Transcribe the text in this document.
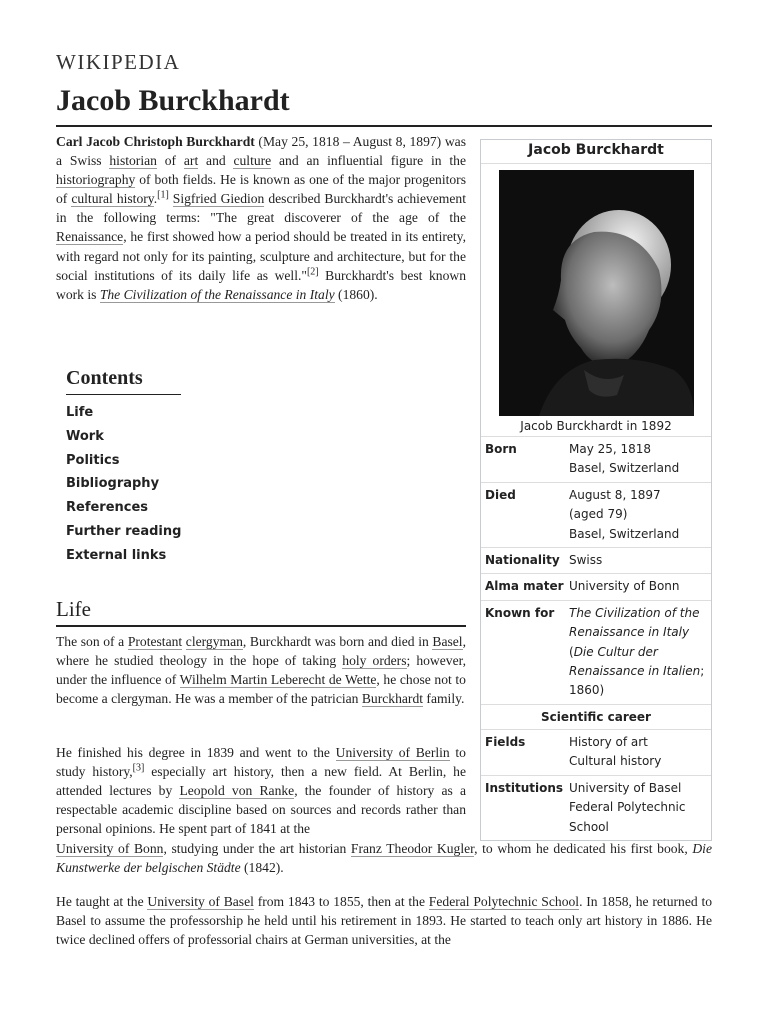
WIKIPEDIA
Jacob Burckhardt

Carl Jacob Christoph Burckhardt (May 25, 1818 – August 8, 1897) was a Swiss historian of art and culture and an influential figure in the historiography of both fields. He is known as one of the major progenitors of cultural history.[1] Sigfried Giedion described Burckhardt's achievement in the following terms: "The great discoverer of the age of the Renaissance, he first showed how a period should be treated in its entirety, with regard not only for its painting, sculpture and architecture, but for the social institutions of its daily life as well."[2] Burckhardt's best known work is The Civilization of the Renaissance in Italy (1860).

Contents
Life
Work
Politics
Bibliography
References
Further reading
External links
Life

The son of a Protestant clergyman, Burckhardt was born and died in Basel, where he studied theology in the hope of taking holy orders; however, under the influence of Wilhelm Martin Leberecht de Wette, he chose not to become a clergyman. He was a member of the patrician Burckhardt family.

He finished his degree in 1839 and went to the University of Berlin to study history,[3] especially art history, then a new field. At Berlin, he attended lectures by Leopold von Ranke, the founder of history as a respectable academic discipline based on sources and records rather than personal opinions. He spent part of 1841 at the

University of Bonn, studying under the art historian Franz Theodor Kugler, to whom he dedicated his first book, Die Kunstwerke der belgischen Städte (1842).

He taught at the University of Basel from 1843 to 1855, then at the Federal Polytechnic School. In 1858, he returned to Basel to assume the professorship he held until his retirement in 1893. He started to teach only art history in 1886. He twice declined offers of professorial chairs at German universities, at the

Jacob Burckhardt
Jacob Burckhardt in 1892
Born	May 25, 1818
Basel, Switzerland
Died	August 8, 1897
(aged 79)
Basel, Switzerland
Nationality Swiss
Alma mater University of Bonn
Known for	The Civilization of the Renaissance in Italy (Die Cultur der Renaissance in Italien; 1860)
Scientific career
Fields	History of art
Cultural history
Institutions University of Basel
Federal Polytechnic School
